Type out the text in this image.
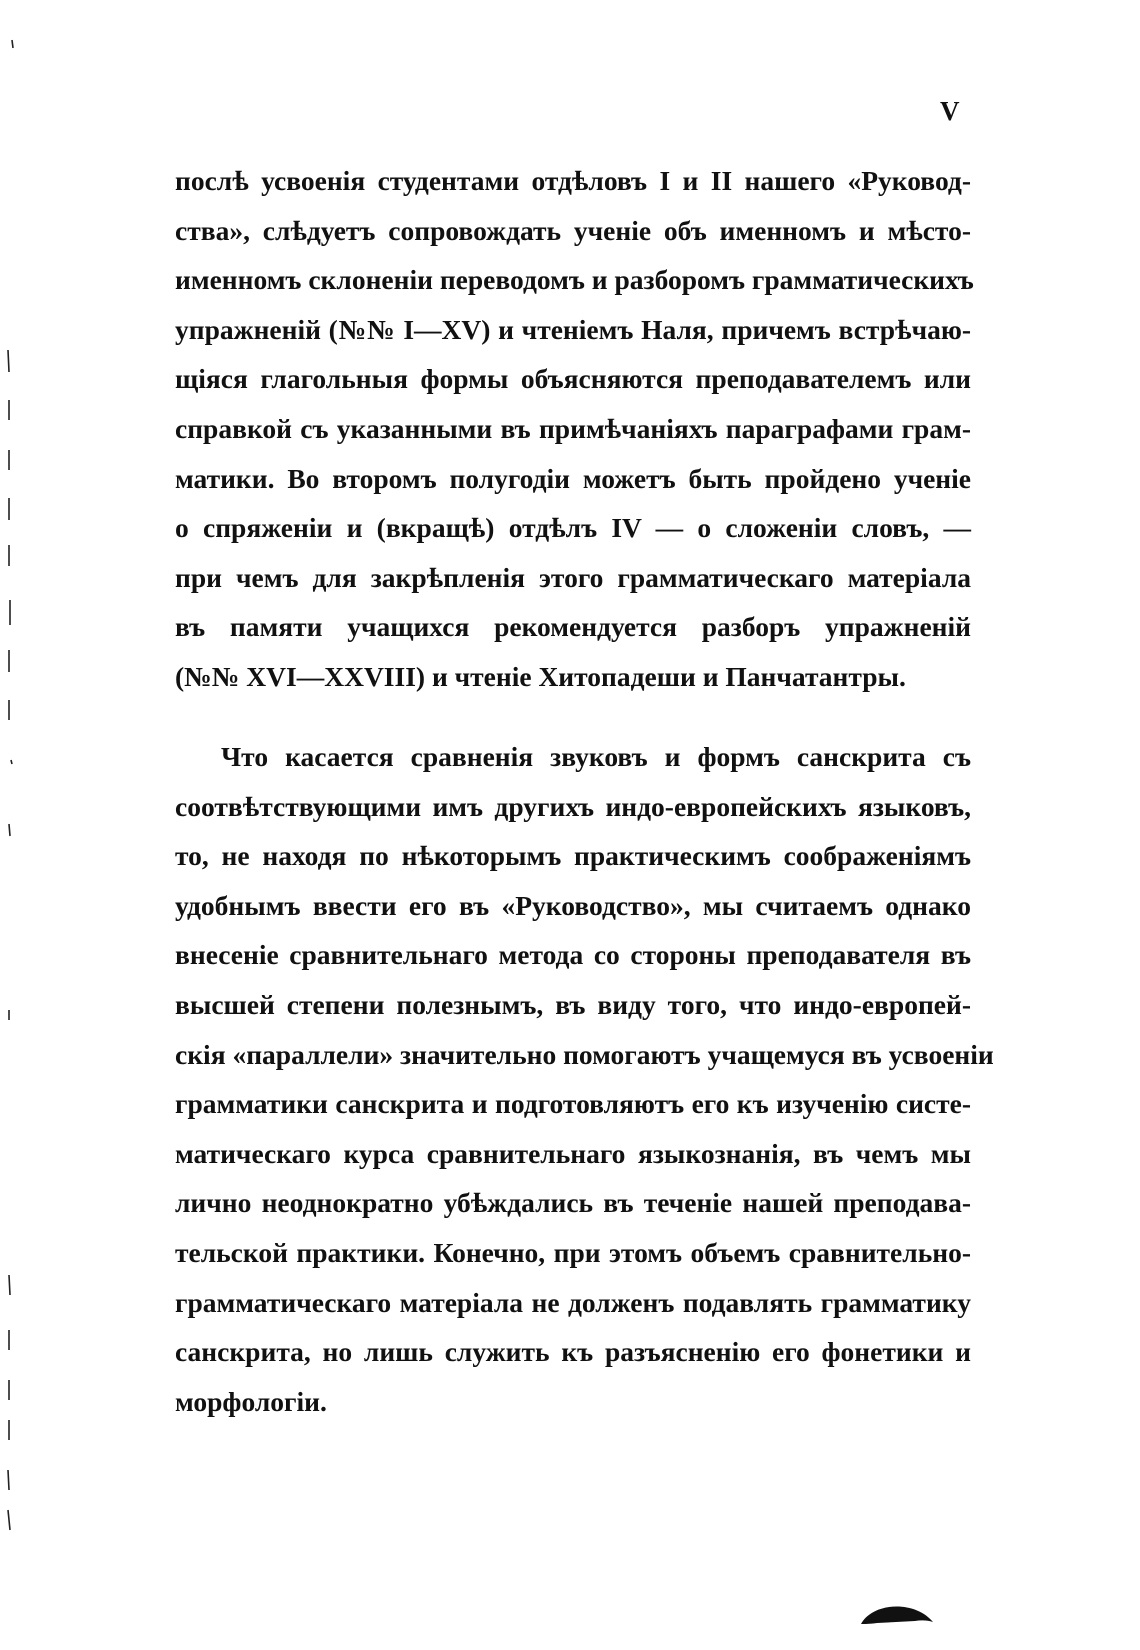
V
послѣ усвоенія студентами отдѣловъ I и II нашего «Руковод-
ства», слѣдуетъ сопровождать ученіе объ именномъ и мѣсто-
именномъ склоненіи переводомъ и разборомъ грамматическихъ
упражненій (№№ I—XV) и чтеніемъ Наля, причемъ встрѣчаю-
щіяся глагольныя формы объясняются преподавателемъ или
справкой съ указанными въ примѣчаніяхъ параграфами грам-
матики. Во второмъ полугодіи можетъ быть пройдено ученіе
о спряженіи и (вкращѣ) отдѣлъ IV — о сложеніи словъ, —
при чемъ для закрѣпленія этого грамматическаго матеріала
въ памяти учащихся рекомендуется разборъ упражненій
(№№ XVI—XXVIII) и чтеніе Хитопадеши и Панчатантры.
Что касается сравненія звуковъ и формъ санскрита съ
соотвѣтствующими имъ другихъ индо-европейскихъ языковъ,
то, не находя по нѣкоторымъ практическимъ соображеніямъ
удобнымъ ввести его въ «Руководство», мы считаемъ однако
внесеніе сравнительнаго метода со стороны преподавателя въ
высшей степени полезнымъ, въ виду того, что индо-европей-
скія «параллели» значительно помогаютъ учащемуся въ усвоеніи
грамматики санскрита и подготовляютъ его къ изученію систе-
матическаго курса сравнительнаго языкознанія, въ чемъ мы
лично неоднократно убѣждались въ теченіе нашей преподава-
тельской практики. Конечно, при этомъ объемъ сравнительно-
грамматическаго матеріала не долженъ подавлять грамматику
санскрита, но лишь служить къ разъясненію его фонетики и
морфологіи.
